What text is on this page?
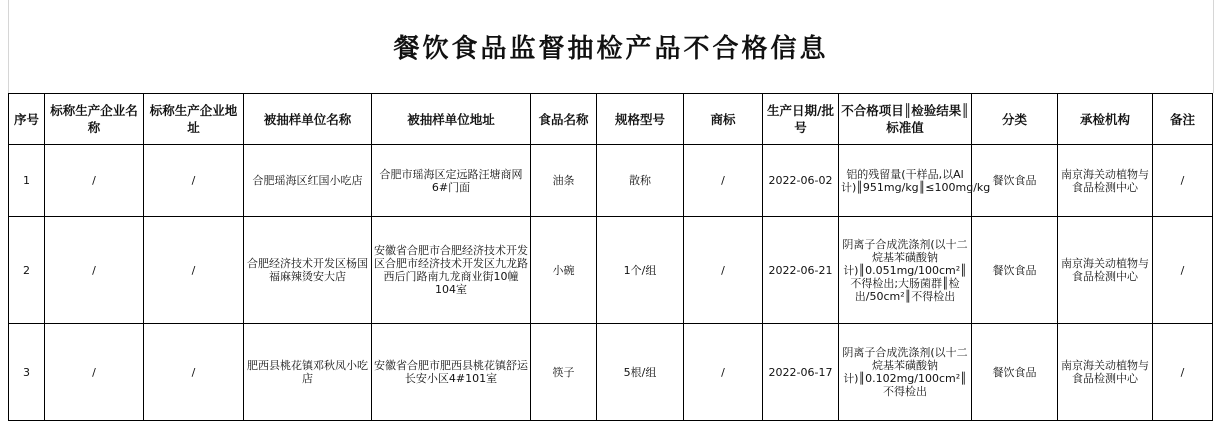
餐饮食品监督抽检产品不合格信息
序号	标称生产企业名称	标称生产企业地址	被抽样单位名称	被抽样单位地址	食品名称	规格型号	商标	生产日期/批号	不合格项目║检验结果║标准值	分类	承检机构	备注
1	/	/	合肥瑶海区红国小吃店	合肥市瑶海区定远路汪塘商网6#门面	油条	散称	/	2022-06-02	铝的残留量(干样品,以Al计)║951mg/kg║≤100mg/kg	餐饮食品	南京海关动植物与食品检测中心	/
2	/	/	合肥经济技术开发区杨国福麻辣烫安大店	安徽省合肥市合肥经济技术开发区合肥市经济技术开发区九龙路西后门路南九龙商业街10幢104室	小碗	1个/组	/	2022-06-21	阴离子合成洗涤剂(以十二烷基苯磺酸钠计)║0.051mg/100cm²║不得检出;大肠菌群║检出/50cm²║不得检出	餐饮食品	南京海关动植物与食品检测中心	/
3	/	/	肥西县桃花镇邓秋凤小吃店	安徽省合肥市肥西县桃花镇舒运长安小区4#101室	筷子	5根/组	/	2022-06-17	阴离子合成洗涤剂(以十二烷基苯磺酸钠计)║0.102mg/100cm²║不得检出	餐饮食品	南京海关动植物与食品检测中心	/
